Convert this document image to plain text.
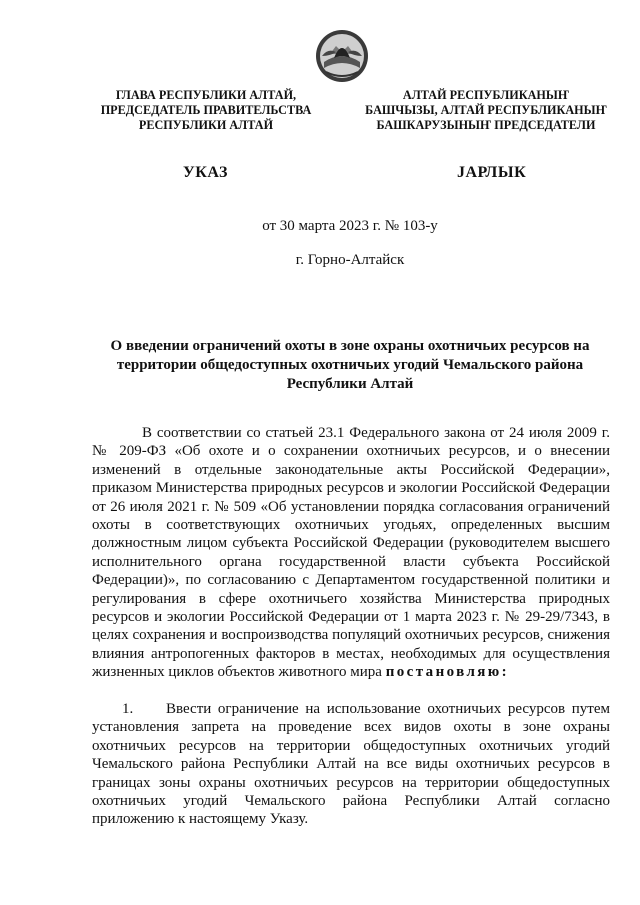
ГЛАВА РЕСПУБЛИКИ АЛТАЙ,
ПРЕДСЕДАТЕЛЬ ПРАВИТЕЛЬСТВА
РЕСПУБЛИКИ АЛТАЙ
АЛТАЙ РЕСПУБЛИКАНЫҤ
БАШЧЫЗЫ, АЛТАЙ РЕСПУБЛИКАНЫҤ
БАШКАРУЗЫНЫҤ ПРЕДСЕДАТЕЛИ
УКАЗ	JАРЛЫК
от 30 марта 2023 г. № 103-у
г. Горно-Алтайск
О введении ограничений охоты в зоне охраны охотничьих ресурсов на территории общедоступных охотничьих угодий Чемальского района Республики Алтай
В соответствии со статьей 23.1 Федерального закона от 24 июля 2009 г. № 209-ФЗ «Об охоте и о сохранении охотничьих ресурсов, и о внесении изменений в отдельные законодательные акты Российской Федерации», приказом Министерства природных ресурсов и экологии Российской Федерации от 26 июля 2021 г. № 509 «Об установлении порядка согласования ограничений охоты в соответствующих охотничьих угодьях, определенных высшим должностным лицом субъекта Российской Федерации (руководителем высшего исполнительного органа государственной власти субъекта Российской Федерации)», по согласованию с Департаментом государственной политики и регулирования в сфере охотничьего хозяйства Министерства природных ресурсов и экологии Российской Федерации от 1 марта 2023 г. № 29-29/7343, в целях сохранения и воспроизводства популяций охотничьих ресурсов, снижения влияния антропогенных факторов в местах, необходимых для осуществления жизненных циклов объектов животного мира постановляю:
1. Ввести ограничение на использование охотничьих ресурсов путем установления запрета на проведение всех видов охоты в зоне охраны охотничьих ресурсов на территории общедоступных охотничьих угодий Чемальского района Республики Алтай на все виды охотничьих ресурсов в границах зоны охраны охотничьих ресурсов на территории общедоступных охотничьих угодий Чемальского района Республики Алтай согласно приложению к настоящему Указу.
